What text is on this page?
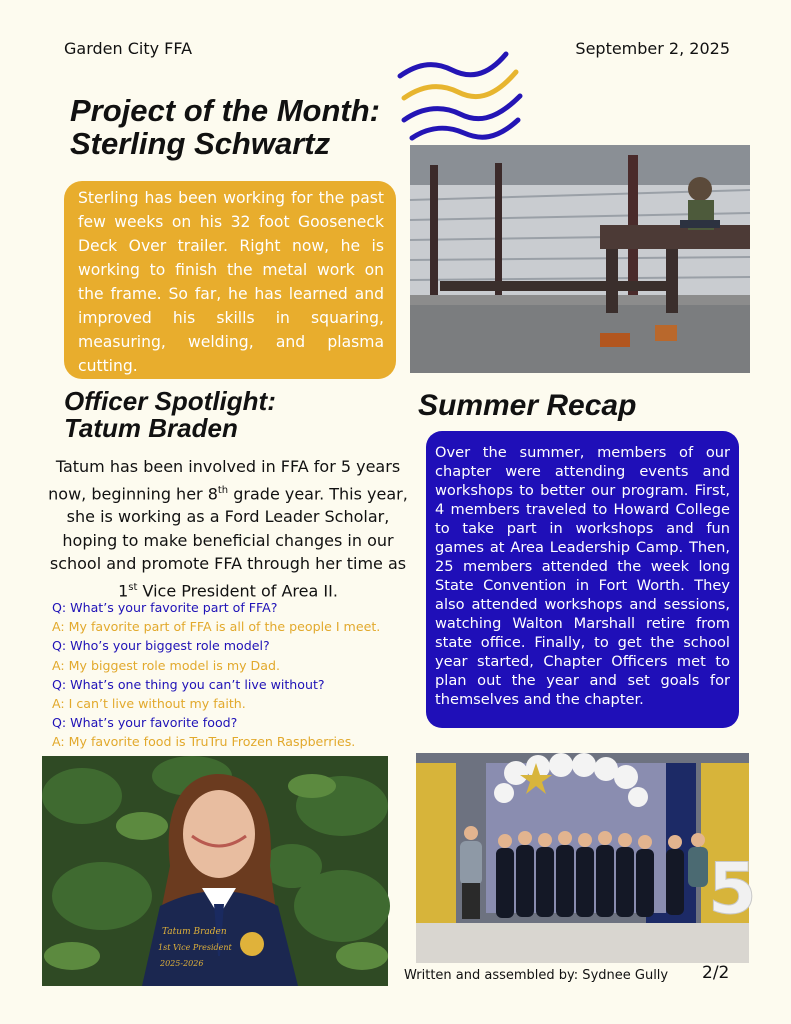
Garden City FFA	September 2, 2025
Project of the Month:
Sterling Schwartz
Sterling has been working for the past few weeks on his 32 foot Gooseneck Deck Over trailer. Right now, he is working to finish the metal work on the frame. So far, he has learned and improved his skills in squaring, measuring, welding, and plasma cutting.
Officer Spotlight:
Tatum Braden
Summer Recap
Tatum has been involved in FFA for 5 years now, beginning her 8th grade year. This year, she is working as a Ford Leader Scholar, hoping to make beneficial changes in our school and promote FFA through her time as 1st Vice President of Area II.
Q: What’s your favorite part of FFA?
A: My favorite part of FFA is all of the people I meet.
Q: Who’s your biggest role model?
A: My biggest role model is my Dad.
Q: What’s one thing you can’t live without?
A: I can’t live without my faith.
Q: What’s your favorite food?
A: My favorite food is TruTru Frozen Raspberries.
Over the summer, members of our chapter were attending events and workshops to better our program. First, 4 members traveled to Howard College to take part in workshops and fun games at Area Leadership Camp. Then, 25 members attended the week long State Convention in Fort Worth. They also attended workshops and sessions, watching Walton Marshall retire from state office. Finally, to get the school year started, Chapter Officers met to plan out the year and set goals for themselves and the chapter.
Tatum Braden
1st Vice President
2025-2026
5
Written and assembled by: Sydnee Gully 2/2
